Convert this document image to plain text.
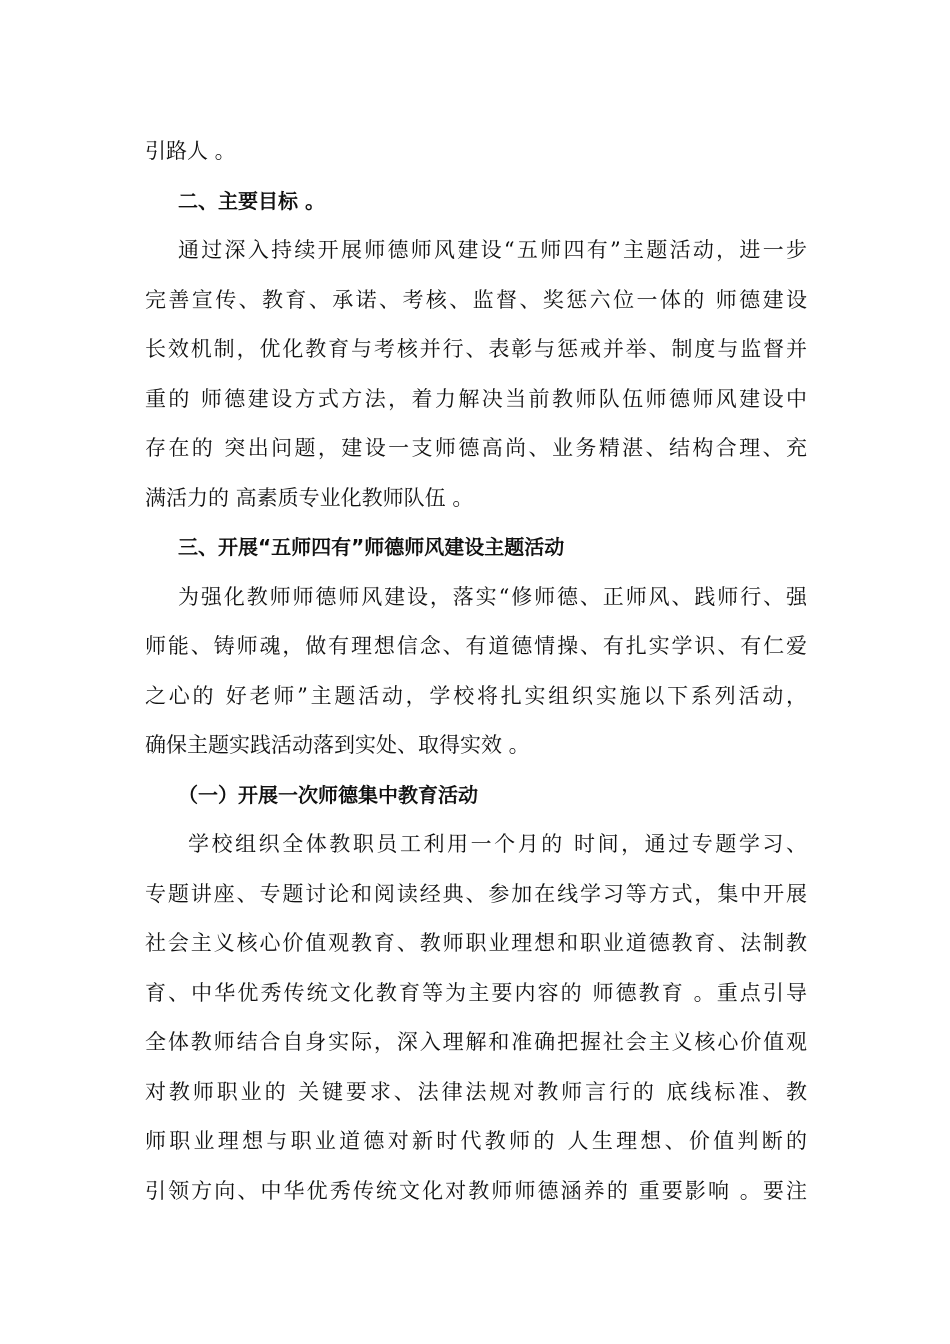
引路人 。
二、主要目标 。
通过深入持续开展师德师风建设“五师四有”主题活动，进一步
完善宣传、教育、承诺、考核、监督、奖惩六位一体的 师德建设
长效机制，优化教育与考核并行、表彰与惩戒并举、制度与监督并
重的 师德建设方式方法，着力解决当前教师队伍师德师风建设中
存在的 突出问题，建设一支师德高尚、业务精湛、结构合理、充
满活力的 高素质专业化教师队伍 。
三、开展“五师四有”师德师风建设主题活动
为强化教师师德师风建设，落实“修师德、正师风、践师行、强
师能、铸师魂，做有理想信念、有道德情操、有扎实学识、有仁爱
之心的 好老师”主题活动，学校将扎实组织实施以下系列活动，
确保主题实践活动落到实处、取得实效 。
（一）开展一次师德集中教育活动
学校组织全体教职员工利用一个月的 时间，通过专题学习、
专题讲座、专题讨论和阅读经典、参加在线学习等方式，集中开展
社会主义核心价值观教育、教师职业理想和职业道德教育、法制教
育、中华优秀传统文化教育等为主要内容的 师德教育 。重点引导
全体教师结合自身实际，深入理解和准确把握社会主义核心价值观
对教师职业的 关键要求、法律法规对教师言行的 底线标准、教
师职业理想与职业道德对新时代教师的 人生理想、价值判断的
引领方向、中华优秀传统文化对教师师德涵养的 重要影响 。要注
